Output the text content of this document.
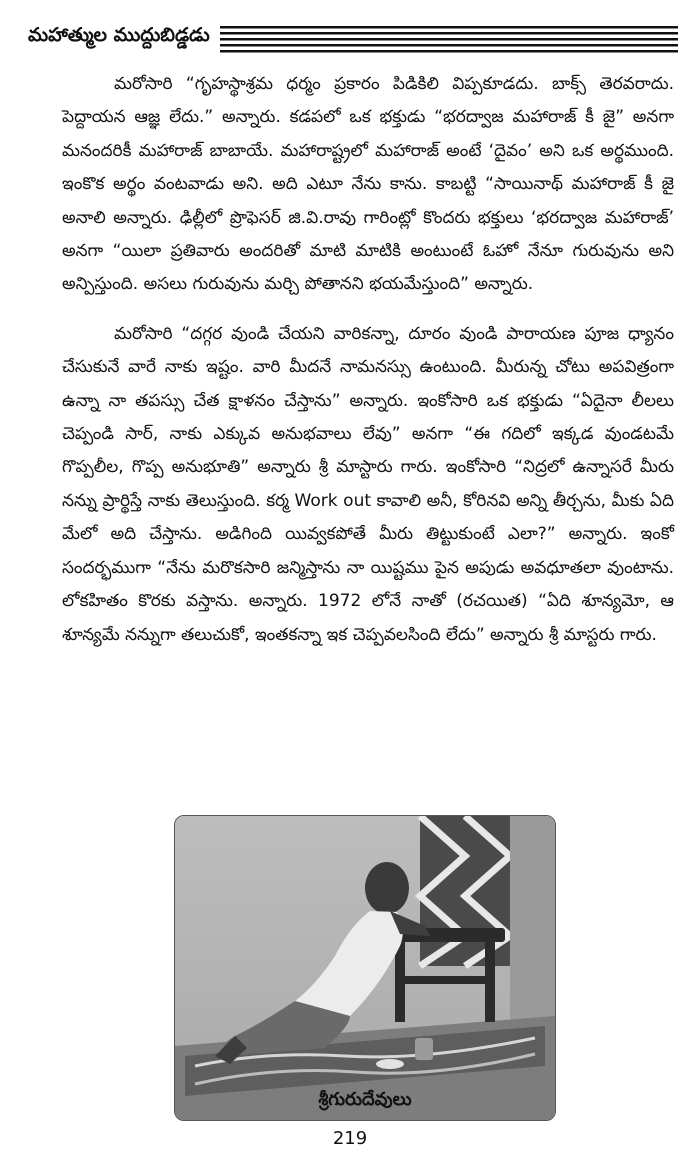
మహాత్ముల ముద్దుబిడ్డడు

మరోసారి “గృహస్థాశ్రమ ధర్మం ప్రకారం పిడికిలి విప్పకూడదు. బాక్స్ తెరవరాదు. పెద్దాయన ఆజ్ఞ లేదు.” అన్నారు. కడపలో ఒక భక్తుడు “భరద్వాజ మహారాజ్ కీ జై” అనగా మనందరికీ మహారాజ్ బాబాయే. మహారాష్ట్రలో మహారాజ్ అంటే ‘దైవం’ అని ఒక అర్థముంది. ఇంకొక అర్థం వంటవాడు అని. అది ఎటూ నేను కాను. కాబట్టి “సాయినాథ్ మహారాజ్ కీ జై అనాలి అన్నారు. ఢిల్లీలో ప్రొఫెసర్ జి.వి.రావు గారింట్లో కొందరు భక్తులు ‘భరద్వాజ మహారాజ్’ అనగా “యిలా ప్రతివారు అందరితో మాటి మాటికి అంటుంటే ఓహో నేనూ గురువును అని అన్పిస్తుంది. అసలు గురువును మర్చి పోతానని భయమేస్తుంది” అన్నారు.

మరోసారి “దగ్గర వుండి చేయని వారికన్నా, దూరం వుండి పారాయణ పూజ ధ్యానం చేసుకునే వారే నాకు ఇష్టం. వారి మీదనే నామనస్సు ఉంటుంది. మీరున్న చోటు అపవిత్రంగా ఉన్నా నా తపస్సు చేత క్షాళనం చేస్తాను” అన్నారు. ఇంకోసారి ఒక భక్తుడు “ఏదైనా లీలలు చెప్పండి సార్, నాకు ఎక్కువ అనుభవాలు లేవు” అనగా “ఈ గదిలో ఇక్కడ వుండటమే గొప్పలీల, గొప్ప అనుభూతి” అన్నారు శ్రీ మాస్టారు గారు. ఇంకోసారి “నిద్రలో ఉన్నాసరే మీరు నన్ను ప్రార్థిస్తే నాకు తెలుస్తుంది. కర్మ Work out కావాలి అనీ, కోరినవి అన్ని తీర్చను, మీకు ఏది మేలో అది చేస్తాను. అడిగింది యివ్వకపోతే మీరు తిట్టుకుంటే ఎలా?” అన్నారు. ఇంకో సందర్భముగా “నేను మరొకసారి జన్మిస్తాను నా యిష్టము పైన అపుడు అవధూతలా వుంటాను. లోకహితం కొరకు వస్తాను. అన్నారు. 1972 లోనే నాతో (రచయిత) “ఏది శూన్యమో, ఆ శూన్యమే నన్నుగా తలుచుకో, ఇంతకన్నా ఇక చెప్పవలసింది లేదు” అన్నారు శ్రీ మాస్టరు గారు.

శ్రీగురుదేవులు
219
